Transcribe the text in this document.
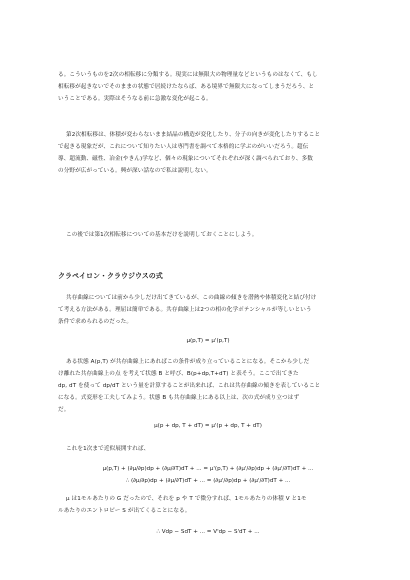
る。こういうものを2次の相転移に分類する。現実には無限大の物理量などというものはなくて、もし
相転移が起きないでそのままの状態で居続けたならば、ある境界で無限大になってしまうだろう、と
いうことである。実際はそうなる前に急激な変化が起こる。
第2次相転移は、体積が変わらないまま結晶の構造が変化したり、分子の向きが変化したりすること
で起きる現象だが、これについて知りたい人は専門書を調べて本格的に学ぶのがいいだろう。超伝
導、超流動、磁性、冶金(やきん)学など、個々の現象についてそれぞれが深く調べられており、多数
の分野が広がっている。興が深い話なので私は説明しない。
この後では第1次相転移についての基本だけを説明しておくことにしよう。
クラペイロン・クラウジウスの式
共存曲線については前から少しだけ出てきているが、この曲線の傾きを潜熱や体積変化と結び付け
て考える方法がある。理屈は簡単である。共存曲線上は2つの相の化学ポテンシャルが等しいという
条件で求められるのだった。
μ(p,T) = μ'(p,T)
ある状態 A(p,T) が共存曲線上にあればこの条件が成り立っていることになる。そこから少しだ
け離れた共存曲線上の点 を考えて状態 B と呼び、B(p+dp,T+dT) と表そう。ここで出てきた
dp, dT を使って dp/dT という量を計算することが出来れば、これは共存曲線の傾きを表していること
になる。式変形を工夫してみよう。状態 B も共存曲線上にある以上は、次の式が成り立つはず
だ。
μ(p + dp, T + dT) = μ'(p + dp, T + dT)
これを1次まで近似展開すれば、
μ(p,T) + (∂μ/∂p)dp + (∂μ/∂T)dT + ... = μ'(p,T) + (∂μ'/∂p)dp + (∂μ'/∂T)dT + ...
∴ (∂μ/∂p)dp + (∂μ/∂T)dT + ... = (∂μ'/∂p)dp + (∂μ'/∂T)dT + ...
μ は1モルあたりの G だったので、それを p や T で微分すれば、1モルあたりの体積 V と1モ
ルあたりのエントロピー S が出てくることになる。
∴ Vdp − SdT + ... = V'dp − S'dT + ...
